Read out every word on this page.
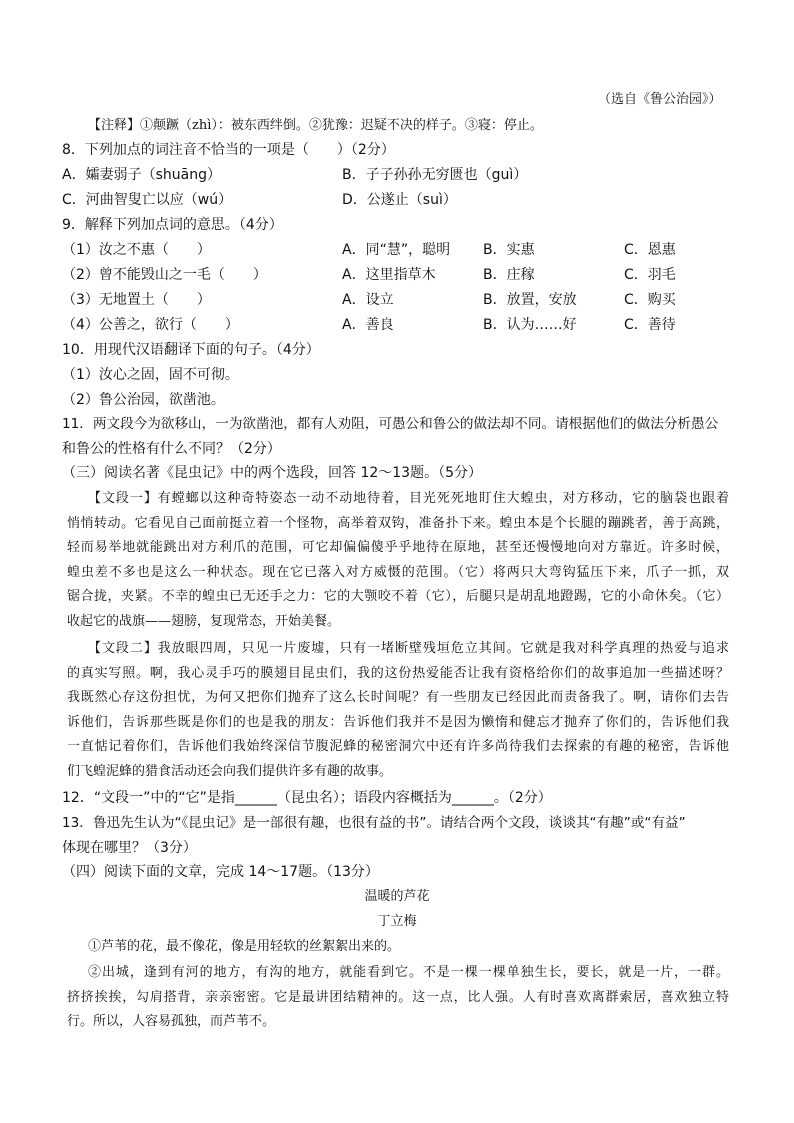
（选自《鲁公治园》）
【注释】①颠蹶（zhì）：被东西绊倒。②犹豫：迟疑不决的样子。③寝：停止。
8．下列加点的词注音不恰当的一项是（　　）（2分）
A．孀妻弱子（shuāng）	B．子子孙孙无穷匮也（guì）
C．河曲智叟亡以应（wú）	D．公遂止（suì）
9．解释下列加点词的意思。（4分）
（1）汝之不惠（　　）	A．同“慧”，聪明 B．实惠	C．恩惠
（2）曾不能毁山之一毛（　　）	A．这里指草木	B．庄稼	C．羽毛
（3）无地置土（　　）	A．设立	B．放置，安放	C．购买
（4）公善之，欲行（　　）	A．善良	B．认为……好	C．善待
10．用现代汉语翻译下面的句子。（4分）
（1）汝心之固，固不可彻。
（2）鲁公治园，欲凿池。
11．两文段今为欲移山，一为欲凿池，都有人劝阻，可愚公和鲁公的做法却不同。请根据他们的做法分析愚公
和鲁公的性格有什么不同？（2分）
（三）阅读名著《昆虫记》中的两个选段，回答 12～13题。（5分）
【文段一】有螳螂以这种奇特姿态一动不动地待着，目光死死地盯住大蝗虫，对方移动，它的脑袋也跟着
悄悄转动。它看见自己面前挺立着一个怪物，高举着双钩，准备扑下来。蝗虫本是个长腿的蹦跳者，善于高跳，
轻而易举地就能跳出对方利爪的范围，可它却偏偏傻乎乎地待在原地，甚至还慢慢地向对方靠近。许多时候，
蝗虫差不多也是这么一种状态。现在它已落入对方威慑的范围。（它）将两只大弯钩猛压下来，爪子一抓，双
锯合拢，夹紧。不幸的蝗虫已无还手之力：它的大颚咬不着（它），后腿只是胡乱地蹬踢，它的小命休矣。（它）
收起它的战旗——翅膀，复现常态，开始美餐。
【文段二】我放眼四周，只见一片废墟，只有一堵断壁残垣危立其间。它就是我对科学真理的热爱与追求
的真实写照。啊，我心灵手巧的膜翅目昆虫们，我的这份热爱能否让我有资格给你们的故事追加一些描述呀？
我既然心存这份担忧，为何又把你们抛弃了这么长时间呢？有一些朋友已经因此而责备我了。啊，请你们去告
诉他们，告诉那些既是你们的也是我的朋友：告诉他们我并不是因为懒惰和健忘才抛弃了你们的，告诉他们我
一直惦记着你们，告诉他们我始终深信节腹泥蜂的秘密洞穴中还有许多尚待我们去探索的有趣的秘密，告诉他
们飞蝗泥蜂的猎食活动还会向我们提供许多有趣的故事。
12．“文段一”中的“它”是指______（昆虫名）；语段内容概括为______。（2分）
13．鲁迅先生认为“《昆虫记》是一部很有趣，也很有益的书”。请结合两个文段，谈谈其“有趣”或“有益”
体现在哪里？（3分）
（四）阅读下面的文章，完成 14～17题。（13分）
温暖的芦花
丁立梅
①芦苇的花，最不像花，像是用轻软的丝絮絮出来的。
②出城，逢到有河的地方，有沟的地方，就能看到它。不是一棵一棵单独生长，要长，就是一片，一群。
挤挤挨挨，勾肩搭背，亲亲密密。它是最讲团结精神的。这一点，比人强。人有时喜欢离群索居，喜欢独立特
行。所以，人容易孤独，而芦苇不。
